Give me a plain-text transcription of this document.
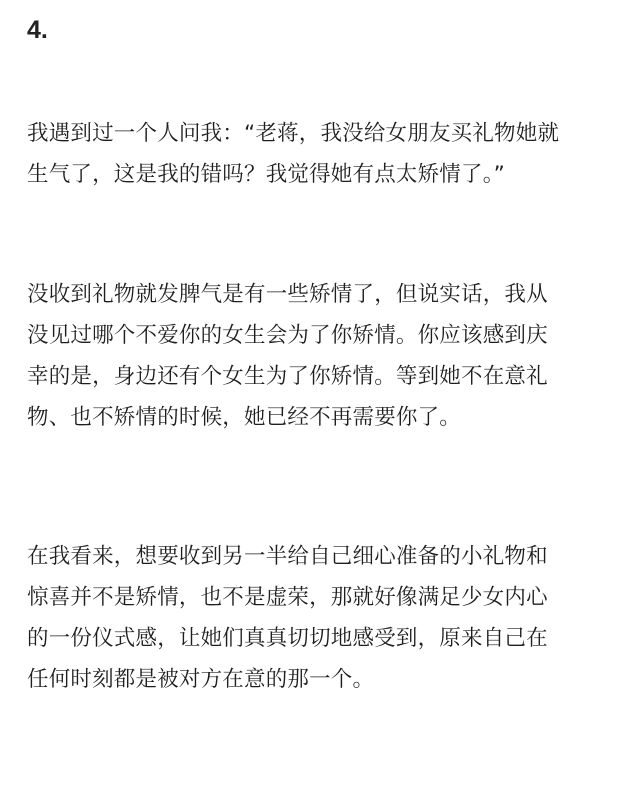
4.
我遇到过一个人问我：“老蒋，我没给女朋友买礼物她就
生气了，这是我的错吗？我觉得她有点太矫情了。”
没收到礼物就发脾气是有一些矫情了，但说实话，我从
没见过哪个不爱你的女生会为了你矫情。你应该感到庆
幸的是，身边还有个女生为了你矫情。等到她不在意礼
物、也不矫情的时候，她已经不再需要你了。
在我看来，想要收到另一半给自己细心准备的小礼物和
惊喜并不是矫情，也不是虚荣，那就好像满足少女内心
的一份仪式感，让她们真真切切地感受到，原来自己在
任何时刻都是被对方在意的那一个。
